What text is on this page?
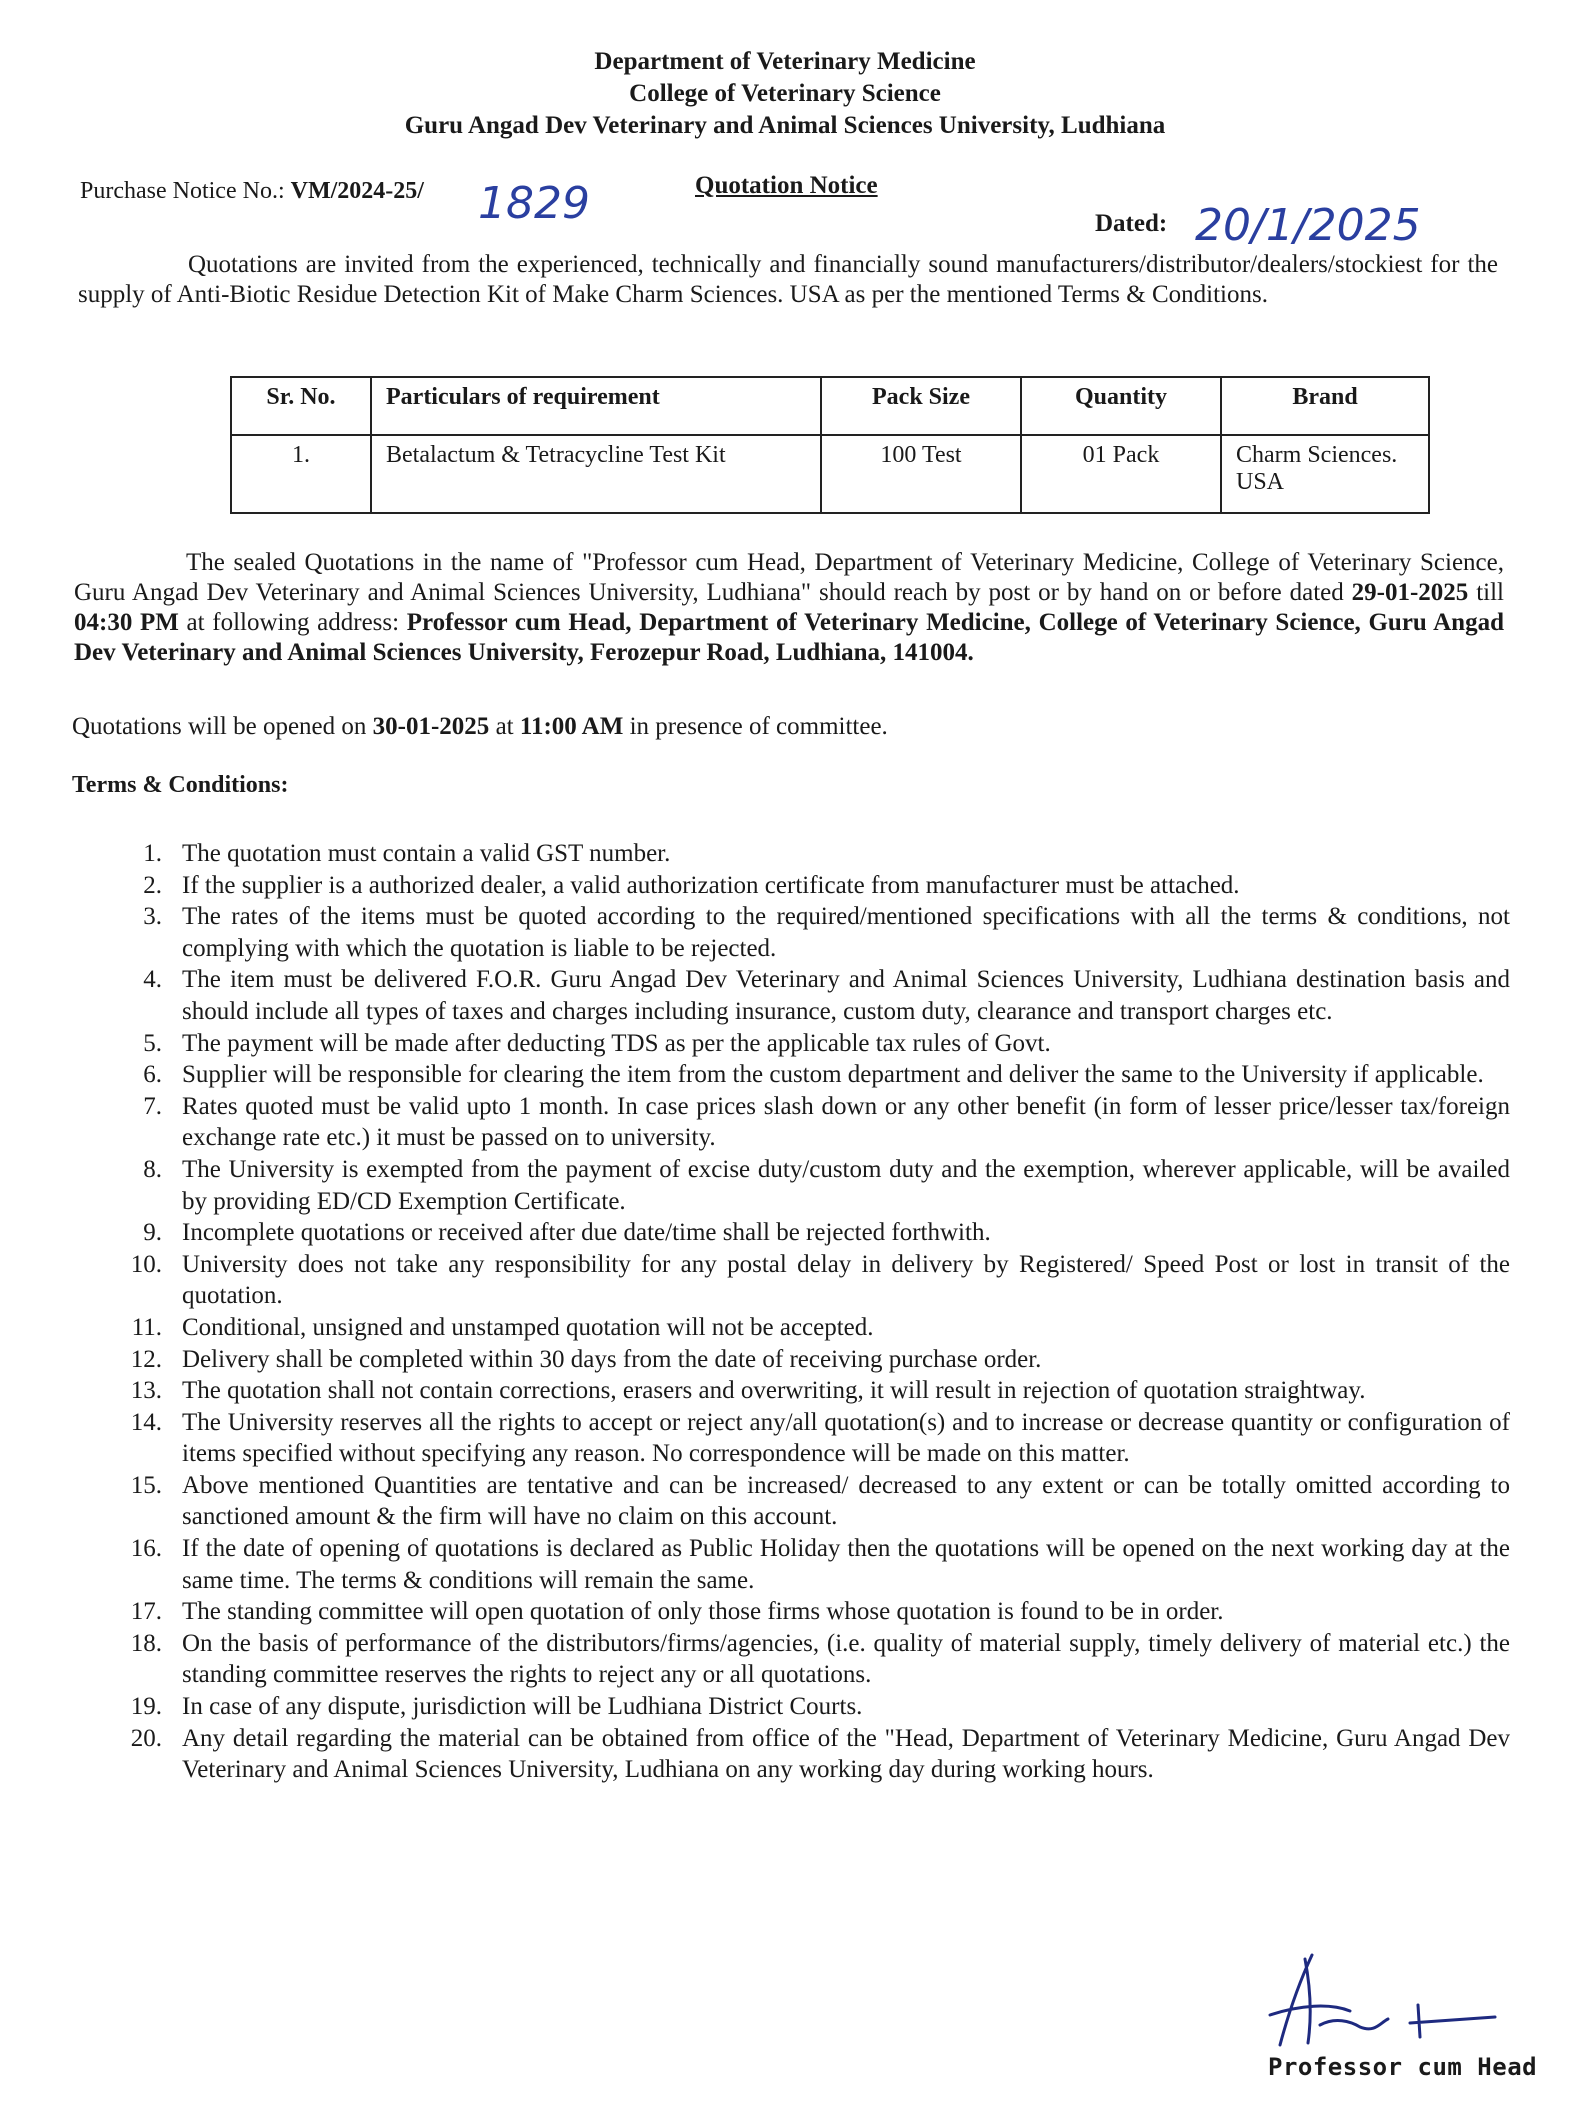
Department of Veterinary Medicine
College of Veterinary Science
Guru Angad Dev Veterinary and Animal Sciences University, Ludhiana
Purchase Notice No.: VM/2024-25/ 1829	Quotation Notice
Dated: 20/1/2025
Quotations are invited from the experienced, technically and financially sound manufacturers/distributor/dealers/stockiest for the supply of Anti-Biotic Residue Detection Kit of Make Charm Sciences. USA as per the mentioned Terms & Conditions.
Sr. No.	Particulars of requirement	Pack Size	Quantity	Brand
1.	Betalactum & Tetracycline Test Kit	100 Test	01 Pack	Charm Sciences. USA
The sealed Quotations in the name of "Professor cum Head, Department of Veterinary Medicine, College of Veterinary Science, Guru Angad Dev Veterinary and Animal Sciences University, Ludhiana" should reach by post or by hand on or before dated 29-01-2025 till 04:30 PM at following address: Professor cum Head, Department of Veterinary Medicine, College of Veterinary Science, Guru Angad Dev Veterinary and Animal Sciences University, Ferozepur Road, Ludhiana, 141004.
Quotations will be opened on 30-01-2025 at 11:00 AM in presence of committee.
Terms & Conditions:
1. The quotation must contain a valid GST number.
2. If the supplier is a authorized dealer, a valid authorization certificate from manufacturer must be attached.
3. The rates of the items must be quoted according to the required/mentioned specifications with all the terms & conditions, not complying with which the quotation is liable to be rejected.
4. The item must be delivered F.O.R. Guru Angad Dev Veterinary and Animal Sciences University, Ludhiana destination basis and should include all types of taxes and charges including insurance, custom duty, clearance and transport charges etc.
5. The payment will be made after deducting TDS as per the applicable tax rules of Govt.
6. Supplier will be responsible for clearing the item from the custom department and deliver the same to the University if applicable.
7. Rates quoted must be valid upto 1 month. In case prices slash down or any other benefit (in form of lesser price/lesser tax/foreign exchange rate etc.) it must be passed on to university.
8. The University is exempted from the payment of excise duty/custom duty and the exemption, wherever applicable, will be availed by providing ED/CD Exemption Certificate.
9. Incomplete quotations or received after due date/time shall be rejected forthwith.
10. University does not take any responsibility for any postal delay in delivery by Registered/ Speed Post or lost in transit of the quotation.
11. Conditional, unsigned and unstamped quotation will not be accepted.
12. Delivery shall be completed within 30 days from the date of receiving purchase order.
13. The quotation shall not contain corrections, erasers and overwriting, it will result in rejection of quotation straightway.
14. The University reserves all the rights to accept or reject any/all quotation(s) and to increase or decrease quantity or configuration of items specified without specifying any reason. No correspondence will be made on this matter.
15. Above mentioned Quantities are tentative and can be increased/ decreased to any extent or can be totally omitted according to sanctioned amount & the firm will have no claim on this account.
16. If the date of opening of quotations is declared as Public Holiday then the quotations will be opened on the next working day at the same time. The terms & conditions will remain the same.
17. The standing committee will open quotation of only those firms whose quotation is found to be in order.
18. On the basis of performance of the distributors/firms/agencies, (i.e. quality of material supply, timely delivery of material etc.) the standing committee reserves the rights to reject any or all quotations.
19. In case of any dispute, jurisdiction will be Ludhiana District Courts.
20. Any detail regarding the material can be obtained from office of the "Head, Department of Veterinary Medicine, Guru Angad Dev Veterinary and Animal Sciences University, Ludhiana on any working day during working hours.
Professor cum Head
